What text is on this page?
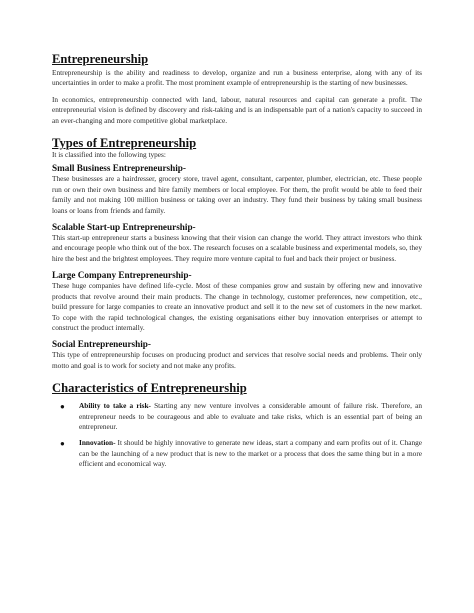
Entrepreneurship

Entrepreneurship is the ability and readiness to develop, organize and run a business enterprise, along with any of its uncertainties in order to make a profit. The most prominent example of entrepreneurship is the starting of new businesses.

In economics, entrepreneurship connected with land, labour, natural resources and capital can generate a profit. The entrepreneurial vision is defined by discovery and risk-taking and is an indispensable part of a nation's capacity to succeed in an ever-changing and more competitive global marketplace.

Types of Entrepreneurship

It is classified into the following types:

Small Business Entrepreneurship-

These businesses are a hairdresser, grocery store, travel agent, consultant, carpenter, plumber, electrician, etc. These people run or own their own business and hire family members or local employee. For them, the profit would be able to feed their family and not making 100 million business or taking over an industry. They fund their business by taking small business loans or loans from friends and family.

Scalable Start-up Entrepreneurship-

This start-up entrepreneur starts a business knowing that their vision can change the world. They attract investors who think and encourage people who think out of the box. The research focuses on a scalable business and experimental models, so, they hire the best and the brightest employees. They require more venture capital to fuel and back their project or business.

Large Company Entrepreneurship-

These huge companies have defined life-cycle. Most of these companies grow and sustain by offering new and innovative products that revolve around their main products. The change in technology, customer preferences, new competition, etc., build pressure for large companies to create an innovative product and sell it to the new set of customers in the new market. To cope with the rapid technological changes, the existing organisations either buy innovation enterprises or attempt to construct the product internally.

Social Entrepreneurship-

This type of entrepreneurship focuses on producing product and services that resolve social needs and problems. Their only motto and goal is to work for society and not make any profits.

Characteristics of Entrepreneurship
● Ability to take a risk- Starting any new venture involves a considerable amount of failure risk. Therefore, an entrepreneur needs to be courageous and able to evaluate and take risks, which is an essential part of being an entrepreneur.

● Innovation- It should be highly innovative to generate new ideas, start a company and earn profits out of it. Change can be the launching of a new product that is new to the market or a process that does the same thing but in a more efficient and economical way.
